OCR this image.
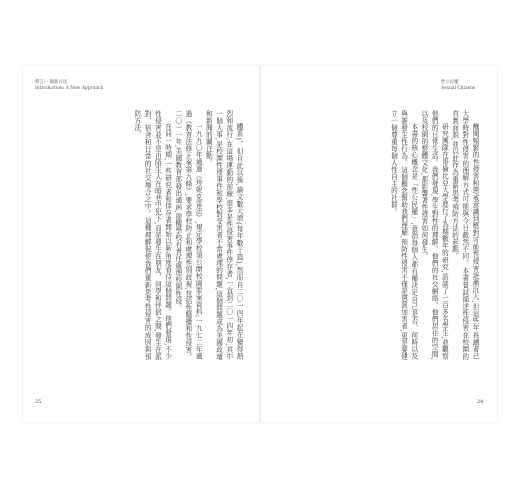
導言:一個新方法
Introduction: A New Approach

體系)。但自此以後,論文數大增(每年數十篇),然而自二〇一四年起在變得熱烈和流行,在這場運動的前線,很多是性侵害事件倖存者,一直到二〇一四年初,其中一個大事,是校園性侵事件和學校對受害者不當處理的問題,這個問題成為美國政壇和新聞的關注點。

一九九〇年通過《珍妮克雷法》,規定學校須公開校園罪案資料;一九七二年通過《教育法修正案第九條》,要求學校防止和處理性別歧視,包括性騷擾和性侵害。二〇一一年,美國教育部發出通函,提醒學校有責任處理校園性侵。

在同一時期,一些研究者和倖存者開始以新角度看待這個問題。他們發現,不少性侵害並不是由陌生人在暗巷中犯下,而是發生在朋友、同學和伴侶之間,發生在派對、宿舍和日常的社交場合之中。這種理解促使我們重新思考性侵害的成因與預防方法。

25
性公民權
Sexual Citizens

醜聞頻繁的性侵害和懲戒意識到應對可能性侵害逐漸沉入,但這些年長讀者已大學時對性侵害的理解方式可能與今日截然不同。本書嘗試描述性侵害在校園的真實面貌,並以此作為重新思考預防方法的起點。

研究團隊在哥倫比亞大學進行了為期數年的研究,訪談了一百多名學生,並觀察他們的日常生活。我們發現,學生對性的理解、他們的社交網絡、他們居住的空間,以及校園的整體文化,都影響著性侵害如何發生。

本書的核心概念是「性公民權」,意指每個人都有權決定自己是否、何時以及與誰發生性行為。這個概念幫助我們理解,預防性侵害不僅是懲罰加害者,更是要建立一個尊重每個人性自主的社群。

24
